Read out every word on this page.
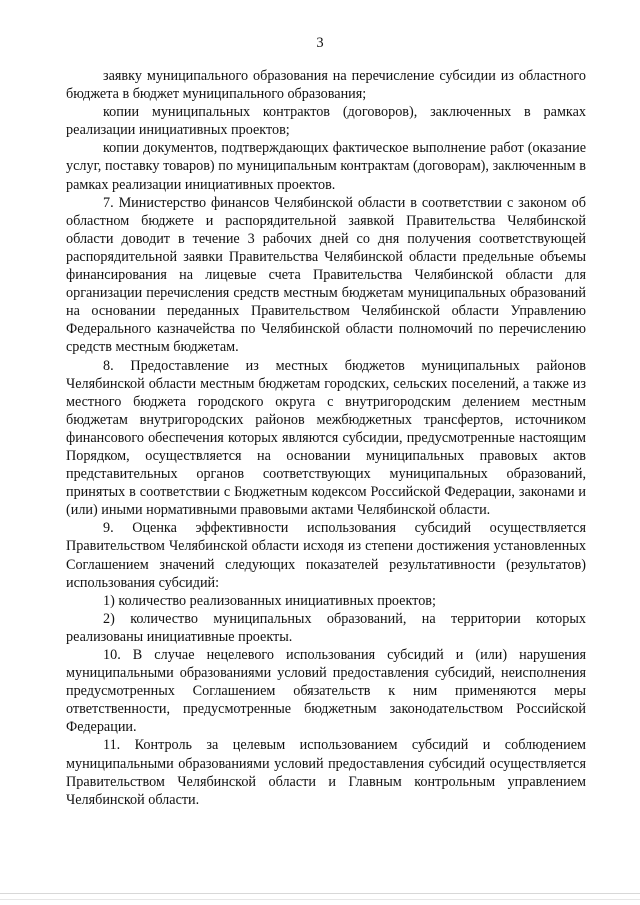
3

заявку муниципального образования на перечисление субсидии из областного бюджета в бюджет муниципального образования;

копии муниципальных контрактов (договоров), заключенных в рамках реализации инициативных проектов;

копии документов, подтверждающих фактическое выполнение работ (оказание услуг, поставку товаров) по муниципальным контрактам (договорам), заключенным в рамках реализации инициативных проектов.

7. Министерство финансов Челябинской области в соответствии с законом об областном бюджете и распорядительной заявкой Правительства Челябинской области доводит в течение 3 рабочих дней со дня получения соответствующей распорядительной заявки Правительства Челябинской области предельные объемы финансирования на лицевые счета Правительства Челябинской области для организации перечисления средств местным бюджетам муниципальных образований на основании переданных Правительством Челябинской области Управлению Федерального казначейства по Челябинской области полномочий по перечислению средств местным бюджетам.

8. Предоставление из местных бюджетов муниципальных районов Челябинской области местным бюджетам городских, сельских поселений, а также из местного бюджета городского округа с внутригородским делением местным бюджетам внутригородских районов межбюджетных трансфертов, источником финансового обеспечения которых являются субсидии, предусмотренные настоящим Порядком, осуществляется на основании муниципальных правовых актов представительных органов соответствующих муниципальных образований, принятых в соответствии с Бюджетным кодексом Российской Федерации, законами и (или) иными нормативными правовыми актами Челябинской области.

9. Оценка эффективности использования субсидий осуществляется Правительством Челябинской области исходя из степени достижения установленных Соглашением значений следующих показателей результативности (результатов) использования субсидий:

1) количество реализованных инициативных проектов;

2) количество муниципальных образований, на территории которых реализованы инициативные проекты.

10. В случае нецелевого использования субсидий и (или) нарушения муниципальными образованиями условий предоставления субсидий, неисполнения предусмотренных Соглашением обязательств к ним применяются меры ответственности, предусмотренные бюджетным законодательством Российской Федерации.

11. Контроль за целевым использованием субсидий и соблюдением муниципальными образованиями условий предоставления субсидий осуществляется Правительством Челябинской области и Главным контрольным управлением Челябинской области.
